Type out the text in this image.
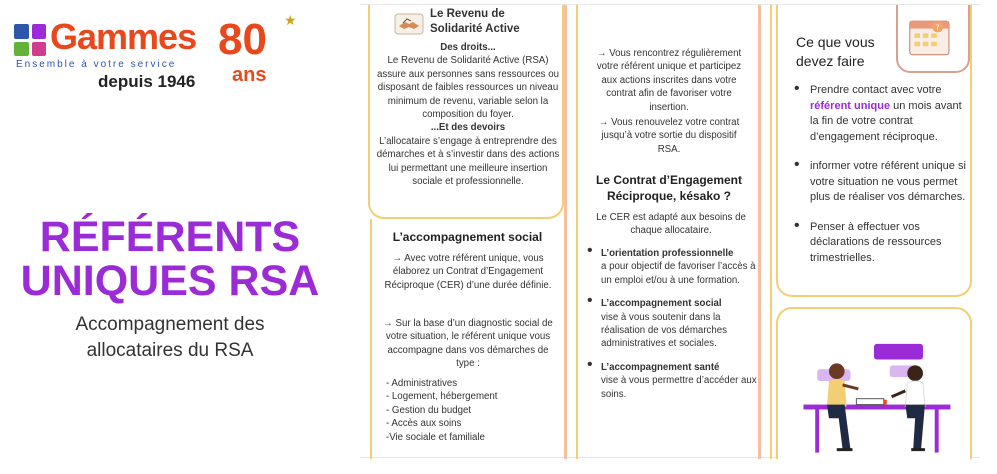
Gammes
Ensemble à votre service
depuis 1946
80
ans
★
RÉFÉRENTS
UNIQUES RSA
Accompagnement des
allocataires du RSA
Le Revenu de
Solidarité Active
Des droits...
Le Revenu de Solidarité Active (RSA) assure aux personnes sans ressources ou disposant de faibles ressources un niveau minimum de revenu, variable selon la composition du foyer.
...Et des devoirs
L’allocataire s’engage à entreprendre des démarches et à s’investir dans des actions lui permettant une meilleure insertion sociale et professionnelle.
L’accompagnement social
→ Avec votre référent unique, vous élaborez un Contrat d’Engagement Réciproque (CER) d’une durée définie.
→ Sur la base d’un diagnostic social de votre situation, le référent unique vous accompagne dans vos démarches de type :
- Administratives
- Logement, hébergement
- Gestion du budget
- Accès aux soins
-Vie sociale et familiale
→ Vous rencontrez régulièrement votre référent unique et participez aux actions inscrites dans votre contrat afin de favoriser votre insertion.
→ Vous renouvelez votre contrat jusqu’à votre sortie du dispositif RSA.
Le Contrat d’Engagement
Réciproque, késako ?
Le CER est adapté aux besoins de chaque allocataire.
• L’orientation professionnelle
a pour objectif de favoriser l’accès à un emploi et/ou à une formation.
• L’accompagnement social
vise à vous soutenir dans la réalisation de vos démarches administratives et sociales.
• L’accompagnement santé
vise à vous permettre d’accéder aux soins.
Ce que vous
devez faire
?
• Prendre contact avec votre référent unique un mois avant la fin de votre contrat d’engagement réciproque.
• informer votre référent unique si votre situation ne vous permet plus de réaliser vos démarches.
• Penser à effectuer vos déclarations de ressources trimestrielles.
